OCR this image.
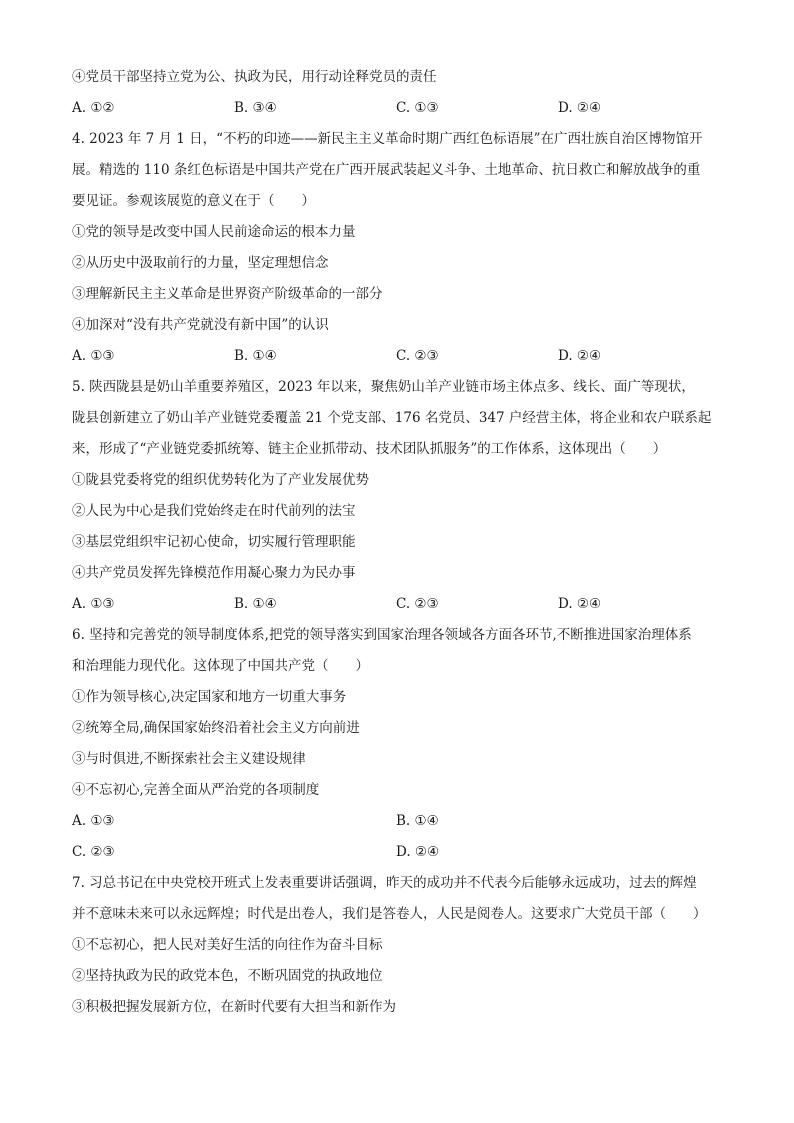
④党员干部坚持立党为公、执政为民，用行动诠释党员的责任
A. ①②	B. ③④	C. ①③	D. ②④
4. 2023 年 7 月 1 日，“不朽的印迹——新民主主义革命时期广西红色标语展”在广西壮族自治区博物馆开
展。精选的 110 条红色标语是中国共产党在广西开展武装起义斗争、土地革命、抗日救亡和解放战争的重
要见证。参观该展览的意义在于（　　）
①党的领导是改变中国人民前途命运的根本力量
②从历史中汲取前行的力量，坚定理想信念
③理解新民主主义革命是世界资产阶级革命的一部分
④加深对“没有共产党就没有新中国”的认识
A. ①③	B. ①④	C. ②③	D. ②④
5. 陕西陇县是奶山羊重要养殖区，2023 年以来，聚焦奶山羊产业链市场主体点多、线长、面广等现状，
陇县创新建立了奶山羊产业链党委覆盖 21 个党支部、176 名党员、347 户经营主体，将企业和农户联系起
来，形成了“产业链党委抓统筹、链主企业抓带动、技术团队抓服务”的工作体系，这体现出（　　）
①陇县党委将党的组织优势转化为了产业发展优势
②人民为中心是我们党始终走在时代前列的法宝
③基层党组织牢记初心使命，切实履行管理职能
④共产党员发挥先锋模范作用凝心聚力为民办事
A. ①③	B. ①④	C. ②③	D. ②④
6. 坚持和完善党的领导制度体系,把党的领导落实到国家治理各领域各方面各环节,不断推进国家治理体系
和治理能力现代化。这体现了中国共产党（　　）
①作为领导核心,决定国家和地方一切重大事务
②统筹全局,确保国家始终沿着社会主义方向前进
③与时俱进,不断探索社会主义建设规律
④不忘初心,完善全面从严治党的各项制度
A. ①③	B. ①④
C. ②③	D. ②④
7. 习总书记在中央党校开班式上发表重要讲话强调，昨天的成功并不代表今后能够永远成功，过去的辉煌
并不意味未来可以永远辉煌；时代是出卷人，我们是答卷人，人民是阅卷人。这要求广大党员干部（　　）
①不忘初心，把人民对美好生活的向往作为奋斗目标
②坚持执政为民的政党本色，不断巩固党的执政地位
③积极把握发展新方位，在新时代要有大担当和新作为
